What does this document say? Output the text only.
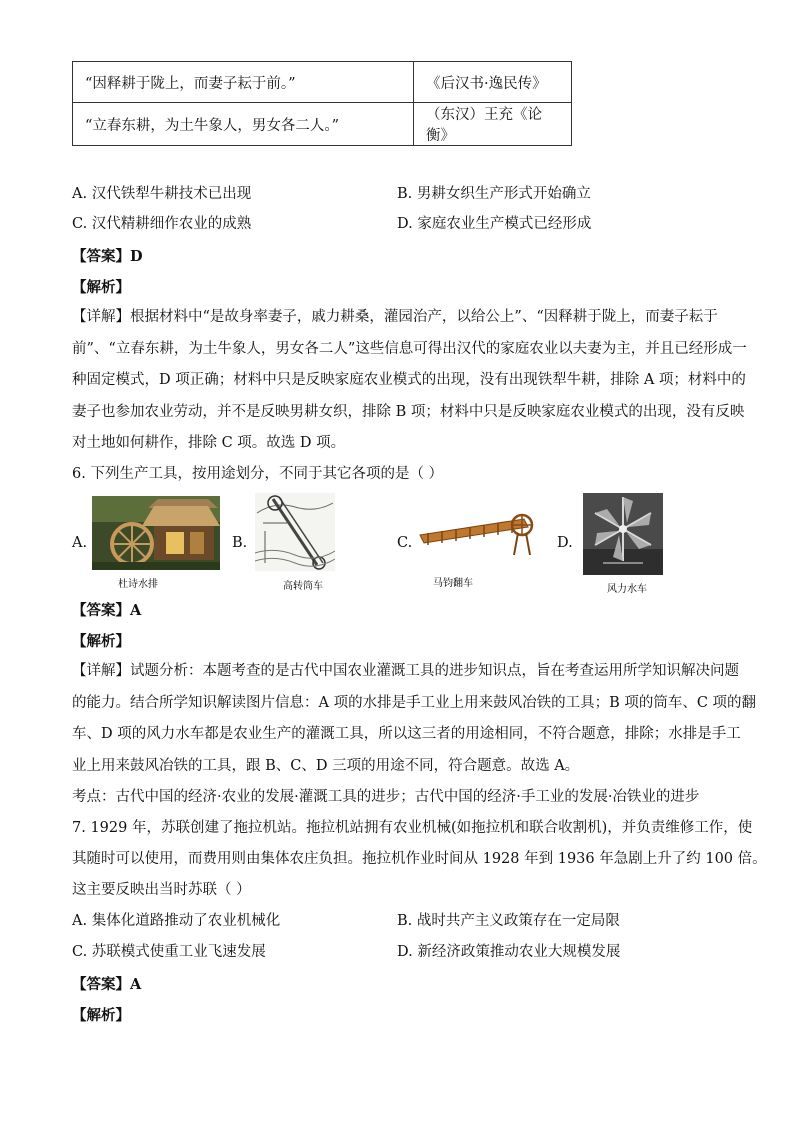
“因释耕于陇上，而妻子耘于前。”	《后汉书·逸民传》
“立春东耕，为土牛象人，男女各二人。”	（东汉）王充《论衡》
A. 汉代铁犁牛耕技术已出现	B. 男耕女织生产形式开始确立
C. 汉代精耕细作农业的成熟	D. 家庭农业生产模式已经形成
【答案】D
【解析】
【详解】根据材料中“是故身率妻子，戚力耕桑，灌园治产，以给公上”、“因释耕于陇上，而妻子耘于
前”、“立春东耕，为土牛象人，男女各二人”这些信息可得出汉代的家庭农业以夫妻为主，并且已经形成一
种固定模式，D 项正确；材料中只是反映家庭农业模式的出现，没有出现铁犁牛耕，排除 A 项；材料中的
妻子也参加农业劳动，并不是反映男耕女织，排除 B 项；材料中只是反映家庭农业模式的出现，没有反映
对土地如何耕作，排除 C 项。故选 D 项。
6. 下列生产工具，按用途划分，不同于其它各项的是（ ）
A.
杜诗水排
B.
高转筒车
C.
马钧翻车
D.
风力水车
【答案】A
【解析】
【详解】试题分析：本题考查的是古代中国农业灌溉工具的进步知识点，旨在考查运用所学知识解决问题
的能力。结合所学知识解读图片信息：A 项的水排是手工业上用来鼓风冶铁的工具；B 项的筒车、C 项的翻
车、D 项的风力水车都是农业生产的灌溉工具，所以这三者的用途相同，不符合题意，排除；水排是手工
业上用来鼓风冶铁的工具，跟 B、C、D 三项的用途不同，符合题意。故选 A。
考点：古代中国的经济·农业的发展·灌溉工具的进步；古代中国的经济·手工业的发展·冶铁业的进步
7. 1929 年，苏联创建了拖拉机站。拖拉机站拥有农业机械(如拖拉机和联合收割机)，并负责维修工作，使
其随时可以使用，而费用则由集体农庄负担。拖拉机作业时间从 1928 年到 1936 年急剧上升了约 100 倍。
这主要反映出当时苏联（ ）
A. 集体化道路推动了农业机械化	B. 战时共产主义政策存在一定局限
C. 苏联模式使重工业飞速发展	D. 新经济政策推动农业大规模发展
【答案】A
【解析】
